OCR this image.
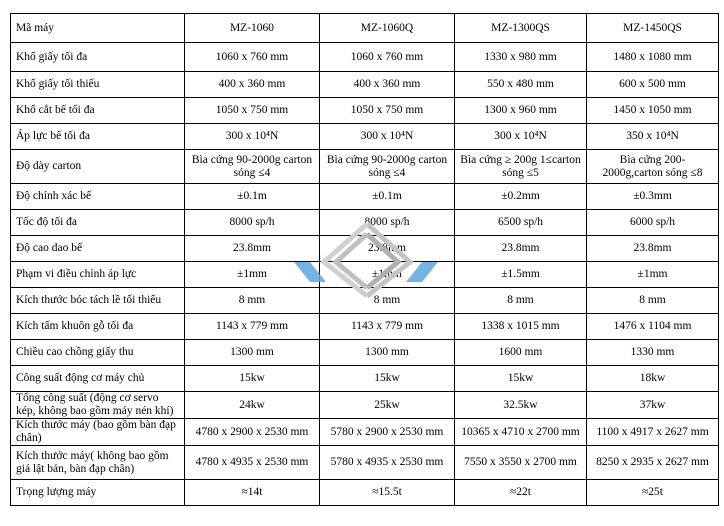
Mã máy	MZ-1060	MZ-1060Q	MZ-1300QS	MZ-1450QS
Khổ giấy tối đa	1060 x 760 mm	1060 x 760 mm	1330 x 980 mm	1480 x 1080 mm
Khổ giấy tối thiểu	400 x 360 mm	400 x 360 mm	550 x 480 mm	600 x 500 mm
Khổ cắt bế tối đa	1050 x 750 mm	1050 x 750 mm	1300 x 960 mm	1450 x 1050 mm
Áp lực bế tối đa	300 x 10⁴N	300 x 10⁴N	300 x 10⁴N	350 x 10⁴N
Độ dày carton	Bìa cứng 90-2000g carton sóng ≤4	Bìa cứng 90-2000g carton sóng ≤4	Bìa cứng ≥ 200g 1≤carton sóng ≤5	Bìa cứng 200-2000g,carton sóng ≤8
Độ chính xác bế	±0.1m	±0.1m	±0.2mm	±0.3mm
Tốc độ tối đa	8000 sp/h	8000 sp/h	6500 sp/h	6000 sp/h
Độ cao dao bế	23.8mm	23.8mm	23.8mm	23.8mm
Phạm vi điều chỉnh áp lực	±1mm	±1mm	±1.5mm	±1mm
Kích thước bóc tách lề tối thiểu	8 mm	8 mm	8 mm	8 mm
Kích tấm khuôn gỗ tối đa	1143 x 779 mm	1143 x 779 mm	1338 x 1015 mm	1476 x 1104 mm
Chiều cao chồng giấy thu	1300 mm	1300 mm	1600 mm	1330 mm
Công suất động cơ máy chủ	15kw	15kw	15kw	18kw
Tổng công suất (động cơ servo kép, không bao gồm máy nén khí)	24kw	25kw	32.5kw	37kw
Kích thước máy (bao gồm bàn đạp chân)	4780 x 2900 x 2530 mm	5780 x 2900 x 2530 mm	10365 x 4710 x 2700 mm	1100 x 4917 x 2627 mm
Kích thước máy( không bao gồm giá lật bản, bàn đạp chân)	4780 x 4935 x 2530 mm	5780 x 4935 x 2530 mm	7550 x 3550 x 2700 mm	8250 x 2935 x 2627 mm
Trọng lượng máy	≈14t	≈15.5t	≈22t	≈25t
